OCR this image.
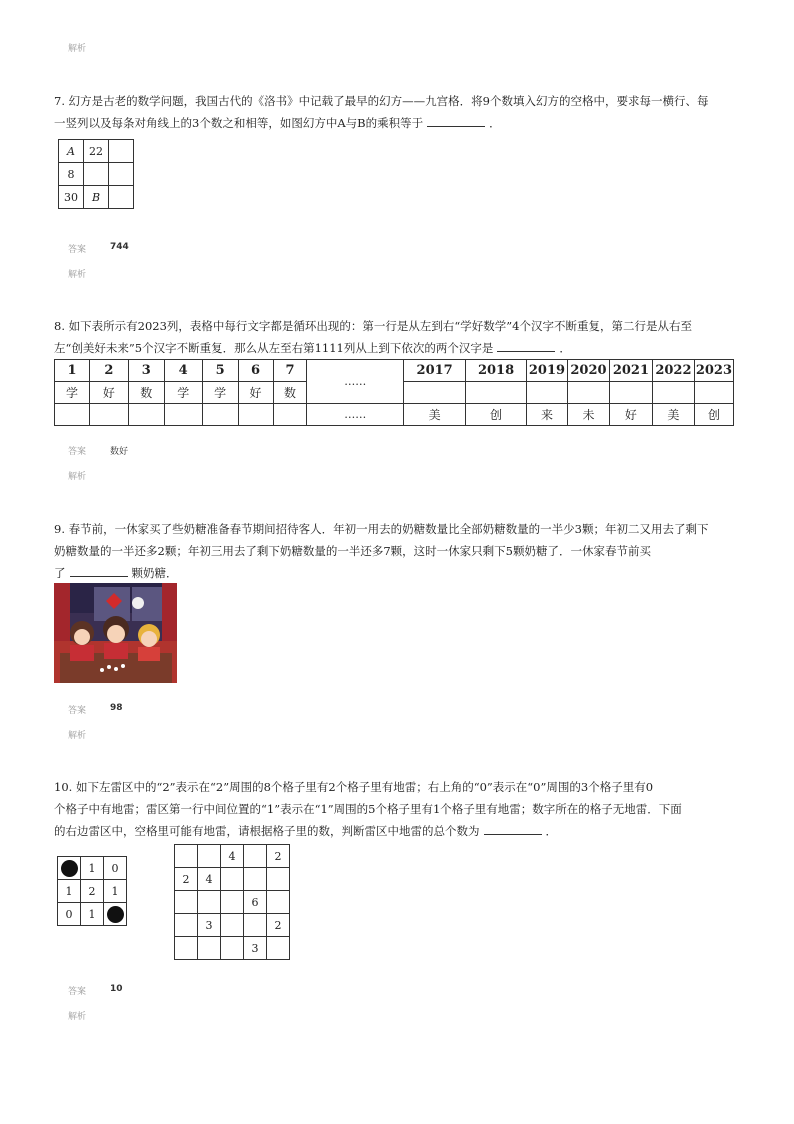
解析
7. 幻方是古老的数学问题，我国古代的《洛书》中记载了最早的幻方——九宫格．将9个数填入幻方的空格中，要求每一横行、每
一竖列以及每条对角线上的3个数之和相等，如图幻方中A与B的乘积等于	．
A	22	
8		
30	B	
答案	744
解析
8. 如下表所示有2023列，表格中每行文字都是循环出现的：第一行是从左到右“学好数学”4个汉字不断重复，第二行是从右至
左“创美好未来”5个汉字不断重复．那么从左至右第1111列从上到下依次的两个汉字是	．
1	2	3	4	5	6	7	……	2017	2018	2019	2020	2021	2022	2023
学	好	数	学	学	好	数								
							……	美	创	来	未	好	美	创
答案	数好
解析
9. 春节前，一休家买了些奶糖准备春节期间招待客人．年初一用去的奶糖数量比全部奶糖数量的一半少3颗；年初二又用去了剩下
奶糖数量的一半还多2颗；年初三用去了剩下奶糖数量的一半还多7颗，这时一休家只剩下5颗奶糖了．一休家春节前买
了	颗奶糖．
答案	98
解析
10. 如下左雷区中的“2”表示在“2”周围的8个格子里有2个格子里有地雷；右上角的“0”表示在“0”周围的3个格子里有0
个格子中有地雷；雷区第一行中间位置的“1”表示在“1”周围的5个格子里有1个格子里有地雷；数字所在的格子无地雷．下面
的右边雷区中，空格里可能有地雷，请根据格子里的数，判断雷区中地雷的总个数为	．
	1	0
1	2	1
0	1	
		4		2
2	4			
			6	
	3			2
			3	
答案	10
解析
